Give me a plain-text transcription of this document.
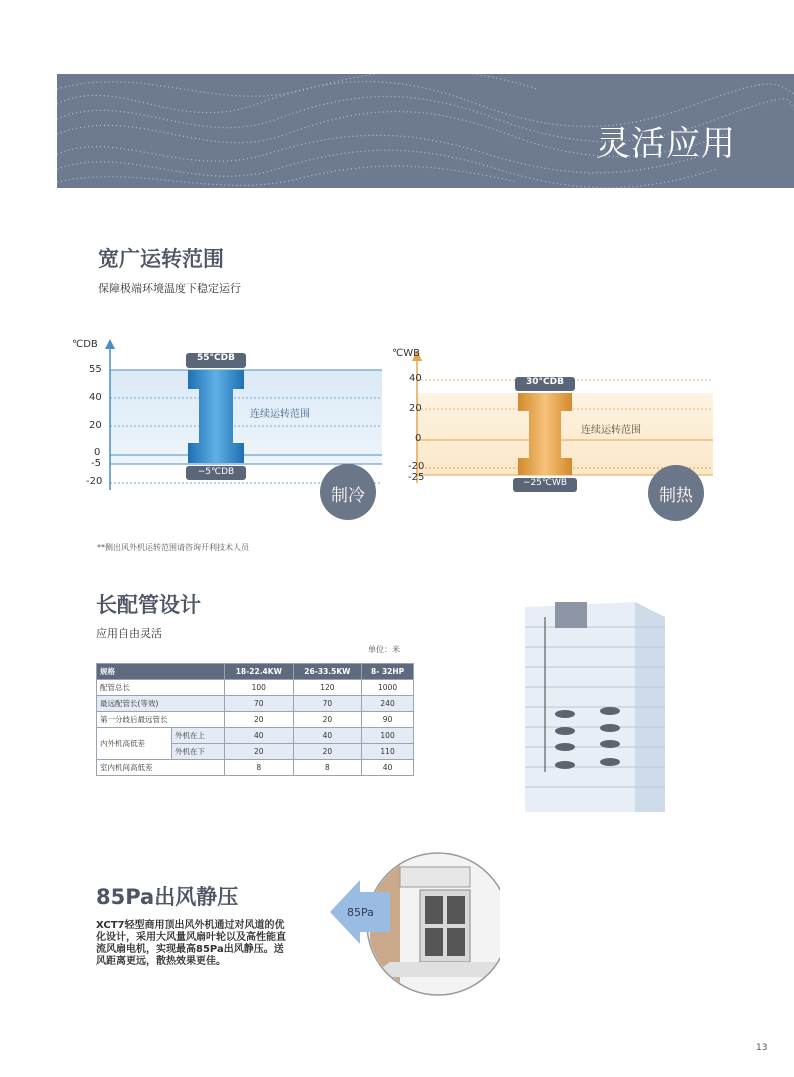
灵活应用
宽广运转范围
保障极端环境温度下稳定运行
℃DB
55
40
20
0
-5
-20
55°CDB
−5℃DB
连续运转范围
制冷
℃WB
40
20
0
-20
-25
30°CDB
−25℃WB
连续运转范围
制热
**侧出风外机运转范围请咨询开利技术人员
长配管设计
应用自由灵活
单位：米
规格		18-22.4KW	26-33.5KW	8- 32HP
配管总长		100	120	1000
最远配管长(等效)		70	70	240
第一分歧后最远管长		20	20	90
内外机高低差	外机在上	40	40	100
	外机在下	20	20	110
室内机间高低差		8	8	40
85Pa出风静压
XCT7轻型商用顶出风外机通过对风道的优化设计，采用大风量风扇叶轮以及高性能直流风扇电机，实现最高85Pa出风静压。送风距离更远，散热效果更佳。
85Pa
13
